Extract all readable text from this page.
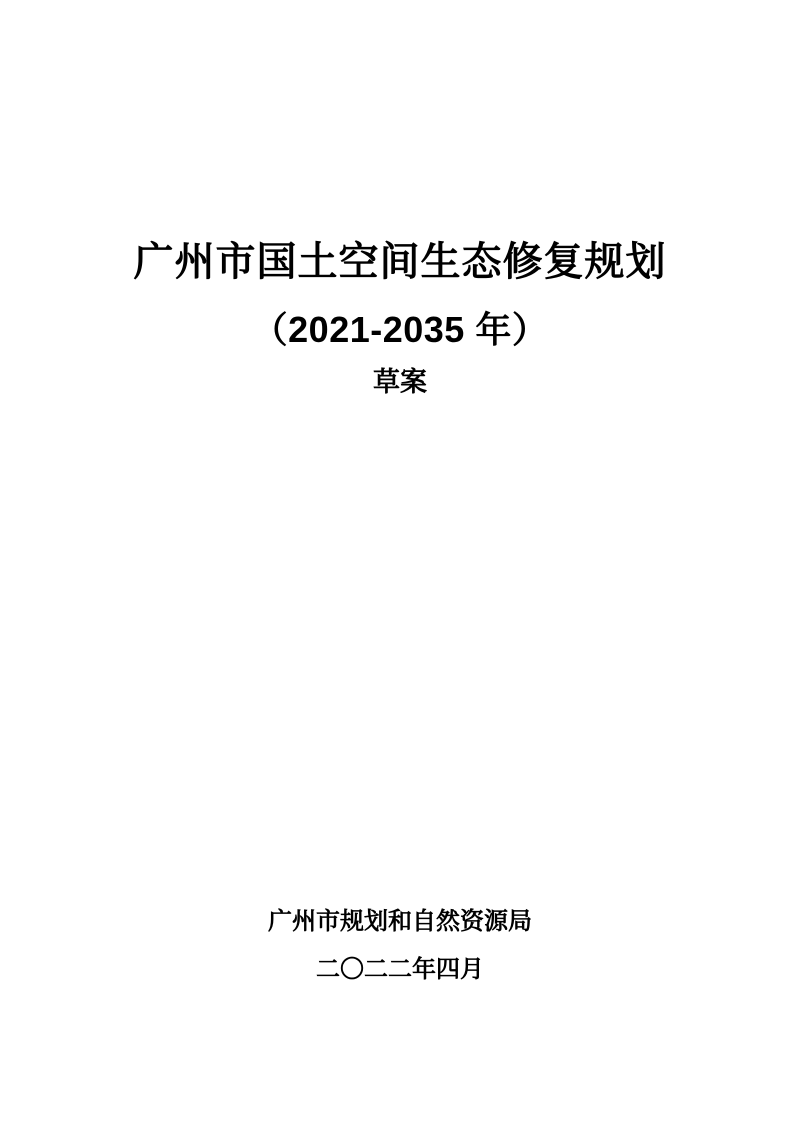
广州市国土空间生态修复规划
（2021-2035 年）
草案
广州市规划和自然资源局
二〇二二年四月
